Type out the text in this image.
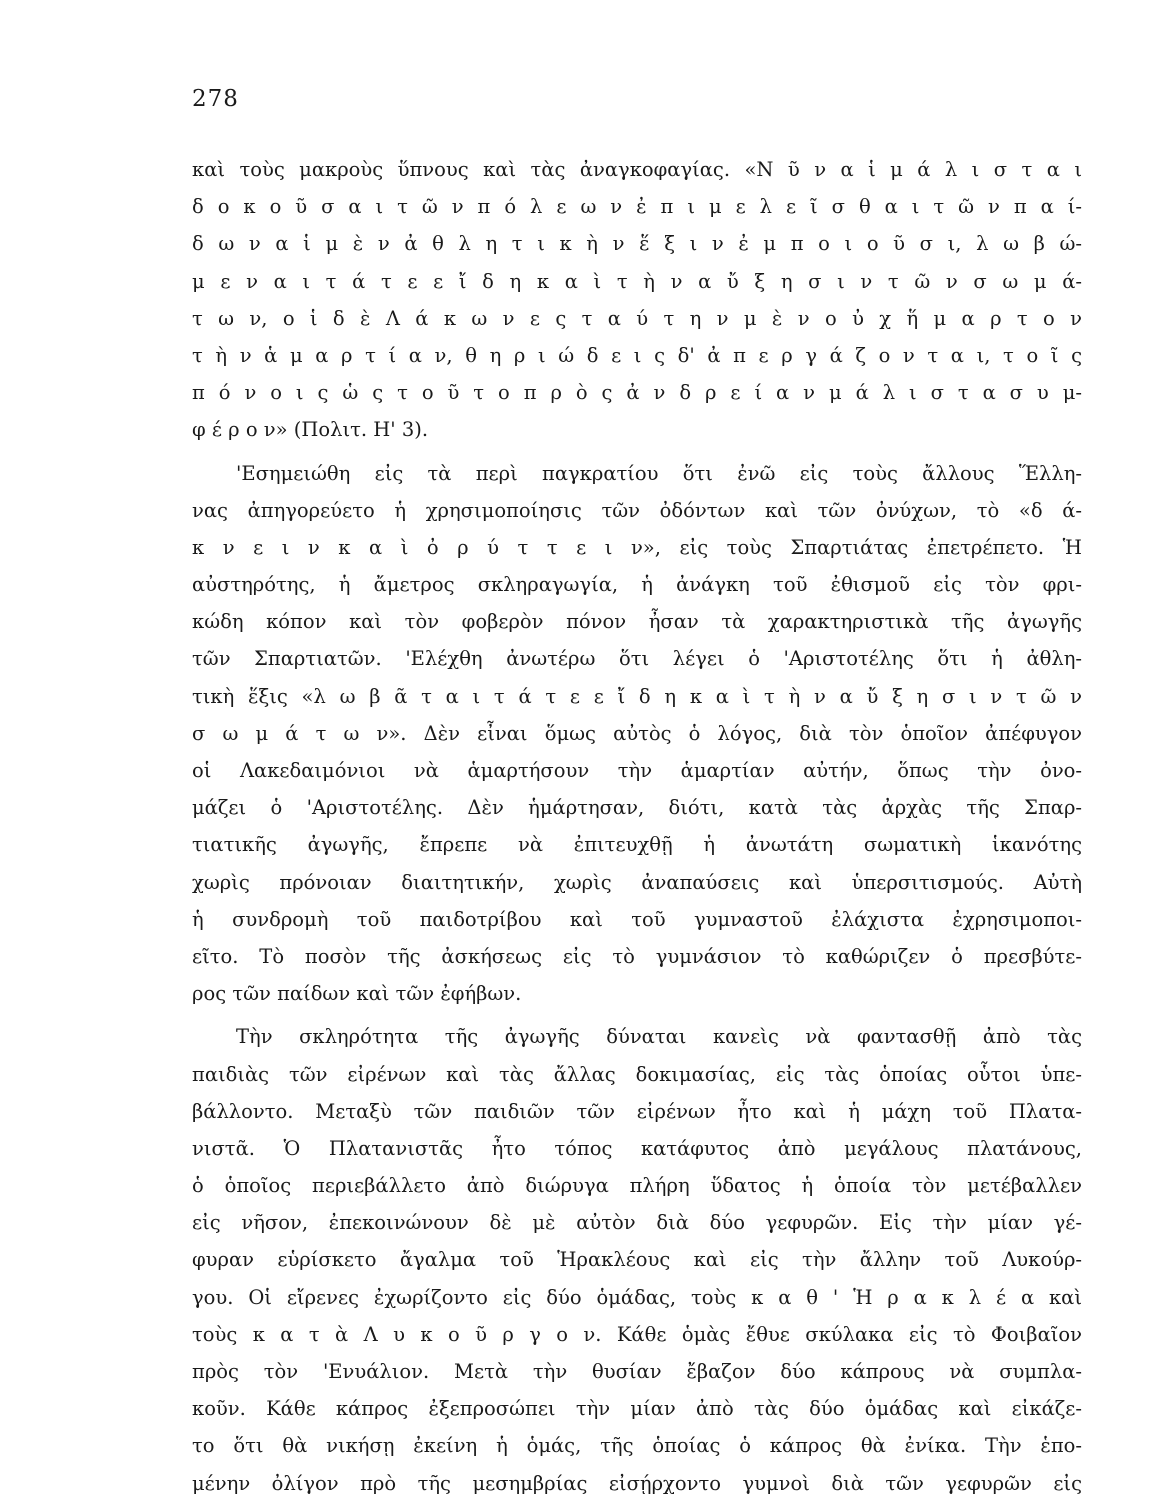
278
καὶ τοὺς μακροὺς ὕπνους καὶ τὰς ἀναγκοφαγίας. «Ν ῦ ν α ἱ μ ά λ ι σ τ α ι
δ ο κ ο ῦ σ α ι τ ῶ ν π ό λ ε ω ν ἐ π ι μ ε λ ε ῖ σ θ α ι τ ῶ ν π α ί-
δ ω ν α ἱ μ ὲ ν ἀ θ λ η τ ι κ ὴ ν ἕ ξ ι ν ἐ μ π ο ι ο ῦ σ ι, λ ω β ώ-
μ ε ν α ι τ ά τ ε ε ἴ δ η κ α ὶ τ ὴ ν α ὔ ξ η σ ι ν τ ῶ ν σ ω μ ά-
τ ω ν, ο ἱ δ ὲ Λ ά κ ω ν ε ς τ α ύ τ η ν μ ὲ ν ο ὐ χ ἥ μ α ρ τ ο ν
τ ὴ ν ἁ μ α ρ τ ί α ν, θ η ρ ι ώ δ ε ι ς δ' ἀ π ε ρ γ ά ζ ο ν τ α ι, τ ο ῖ ς
π ό ν ο ι ς ὡ ς τ ο ῦ τ ο π ρ ὸ ς ἀ ν δ ρ ε ί α ν μ ά λ ι σ τ α σ υ μ-
φ έ ρ ο ν» (Πολιτ. Η' 3).
'Εσημειώθη εἰς τὰ περὶ παγκρατίου ὅτι ἐνῶ εἰς τοὺς ἄλλους Ἕλλη-
νας ἀπηγορεύετο ἡ χρησιμοποίησις τῶν ὀδόντων καὶ τῶν ὀνύχων, τὸ «δ ά-
κ ν ε ι ν κ α ὶ ὀ ρ ύ τ τ ε ι ν», εἰς τοὺς Σπαρτιάτας ἐπετρέπετο. Ἡ
αὐστηρότης, ἡ ἄμετρος σκληραγωγία, ἡ ἀνάγκη τοῦ ἐθισμοῦ εἰς τὸν φρι-
κώδη κόπον καὶ τὸν φοβερὸν πόνον ἦσαν τὰ χαρακτηριστικὰ τῆς ἀγωγῆς
τῶν Σπαρτιατῶν. 'Ελέχθη ἀνωτέρω ὅτι λέγει ὁ 'Αριστοτέλης ὅτι ἡ ἀθλη-
τικὴ ἕξις «λ ω β ᾶ τ α ι τ ά τ ε ε ἴ δ η κ α ὶ τ ὴ ν α ὔ ξ η σ ι ν τ ῶ ν
σ ω μ ά τ ω ν». Δὲν εἶναι ὅμως αὐτὸς ὁ λόγος, διὰ τὸν ὁποῖον ἀπέφυγον
οἱ Λακεδαιμόνιοι νὰ ἁμαρτήσουν τὴν ἁμαρτίαν αὐτήν, ὅπως τὴν ὀνο-
μάζει ὁ 'Αριστοτέλης. Δὲν ἡμάρτησαν, διότι, κατὰ τὰς ἀρχὰς τῆς Σπαρ-
τιατικῆς ἀγωγῆς, ἔπρεπε νὰ ἐπιτευχθῇ ἡ ἀνωτάτη σωματικὴ ἱκανότης
χωρὶς πρόνοιαν διαιτητικήν, χωρὶς ἀναπαύσεις καὶ ὑπερσιτισμούς. Αὐτὴ
ἡ συνδρομὴ τοῦ παιδοτρίβου καὶ τοῦ γυμναστοῦ ἐλάχιστα ἐχρησιμοποι-
εῖτο. Τὸ ποσὸν τῆς ἀσκήσεως εἰς τὸ γυμνάσιον τὸ καθώριζεν ὁ πρεσβύτε-
ρος τῶν παίδων καὶ τῶν ἐφήβων.
Τὴν σκληρότητα τῆς ἀγωγῆς δύναται κανεὶς νὰ φαντασθῇ ἀπὸ τὰς
παιδιὰς τῶν εἰρένων καὶ τὰς ἄλλας δοκιμασίας, εἰς τὰς ὁποίας οὗτοι ὑπε-
βάλλοντο. Μεταξὺ τῶν παιδιῶν τῶν εἰρένων ἦτο καὶ ἡ μάχη τοῦ Πλατα-
νιστᾶ. Ὁ Πλατανιστᾶς ἦτο τόπος κατάφυτος ἀπὸ μεγάλους πλατάνους,
ὁ ὁποῖος περιεβάλλετο ἀπὸ διώρυγα πλήρη ὕδατος ἡ ὁποία τὸν μετέβαλλεν
εἰς νῆσον, ἐπεκοινώνουν δὲ μὲ αὐτὸν διὰ δύο γεφυρῶν. Εἰς τὴν μίαν γέ-
φυραν εὑρίσκετο ἄγαλμα τοῦ Ἡρακλέους καὶ εἰς τὴν ἄλλην τοῦ Λυκούρ-
γου. Οἱ εἴρενες ἐχωρίζοντο εἰς δύο ὁμάδας, τοὺς κ α θ ' Ἡ ρ α κ λ έ α καὶ
τοὺς κ α τ ὰ Λ υ κ ο ῦ ρ γ ο ν. Κάθε ὁμὰς ἔθυε σκύλακα εἰς τὸ Φοιβαῖον
πρὸς τὸν 'Ενυάλιον. Μετὰ τὴν θυσίαν ἔβαζον δύο κάπρους νὰ συμπλα-
κοῦν. Κάθε κάπρος ἐξεπροσώπει τὴν μίαν ἀπὸ τὰς δύο ὁμάδας καὶ εἰκάζε-
το ὅτι θὰ νικήσῃ ἐκείνη ἡ ὁμάς, τῆς ὁποίας ὁ κάπρος θὰ ἐνίκα. Τὴν ἑπο-
μένην ὀλίγον πρὸ τῆς μεσημβρίας εἰσῄρχοντο γυμνοὶ διὰ τῶν γεφυρῶν εἰς
